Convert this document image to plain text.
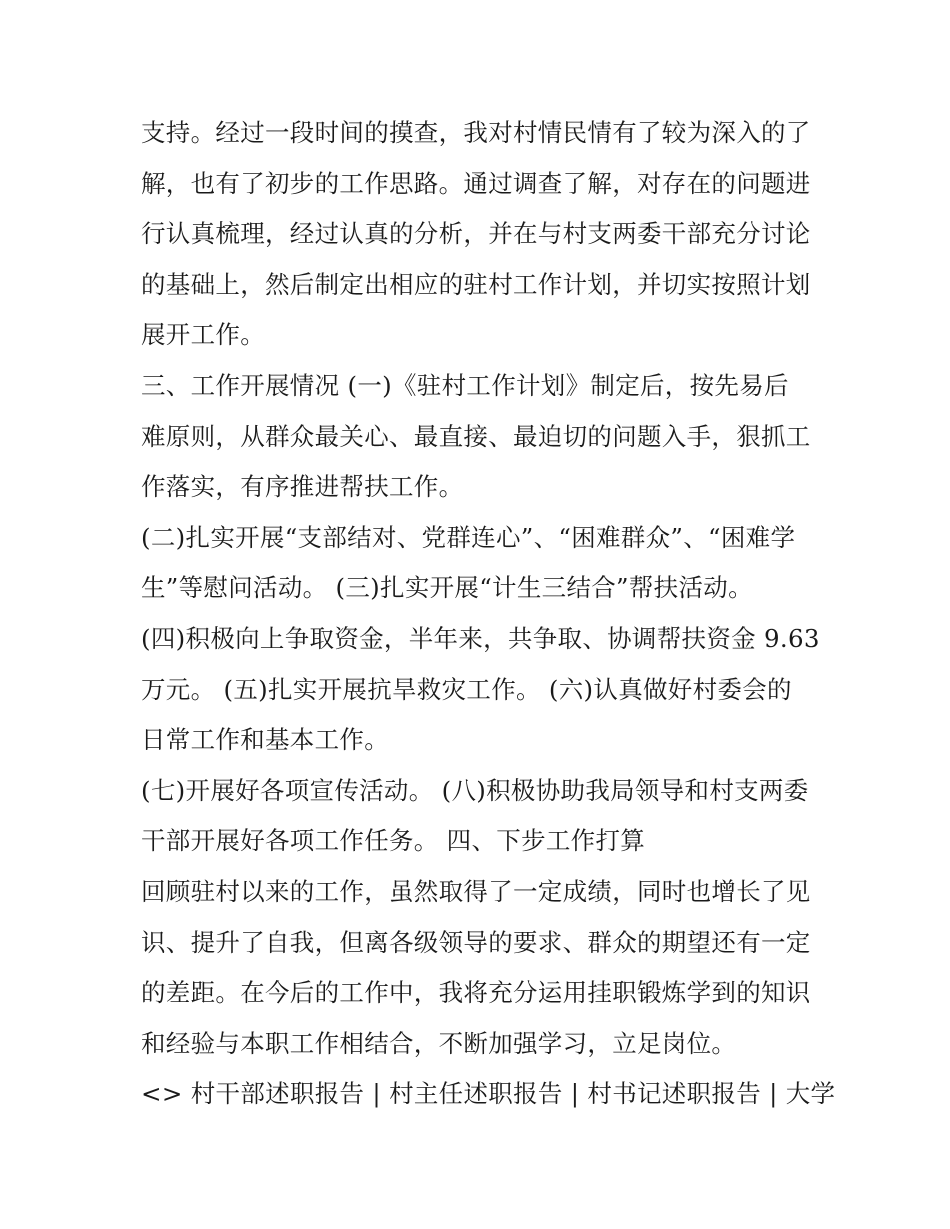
支持。经过一段时间的摸查，我对村情民情有了较为深入的了
解，也有了初步的工作思路。通过调查了解，对存在的问题进
行认真梳理，经过认真的分析，并在与村支两委干部充分讨论
的基础上，然后制定出相应的驻村工作计划，并切实按照计划
展开工作。
三、工作开展情况 (一)《驻村工作计划》制定后，按先易后
难原则，从群众最关心、最直接、最迫切的问题入手，狠抓工
作落实，有序推进帮扶工作。
(二)扎实开展“支部结对、党群连心”、“困难群众”、“困难学
生”等慰问活动。 (三)扎实开展“计生三结合”帮扶活动。
(四)积极向上争取资金，半年来，共争取、协调帮扶资金 9.63
万元。 (五)扎实开展抗旱救灾工作。 (六)认真做好村委会的
日常工作和基本工作。
(七)开展好各项宣传活动。 (八)积极协助我局领导和村支两委
干部开展好各项工作任务。 四、下步工作打算
回顾驻村以来的工作，虽然取得了一定成绩，同时也增长了见
识、提升了自我，但离各级领导的要求、群众的期望还有一定
的差距。在今后的工作中，我将充分运用挂职锻炼学到的知识
和经验与本职工作相结合，不断加强学习，立足岗位。
<> 村干部述职报告 | 村主任述职报告 | 村书记述职报告 | 大学
